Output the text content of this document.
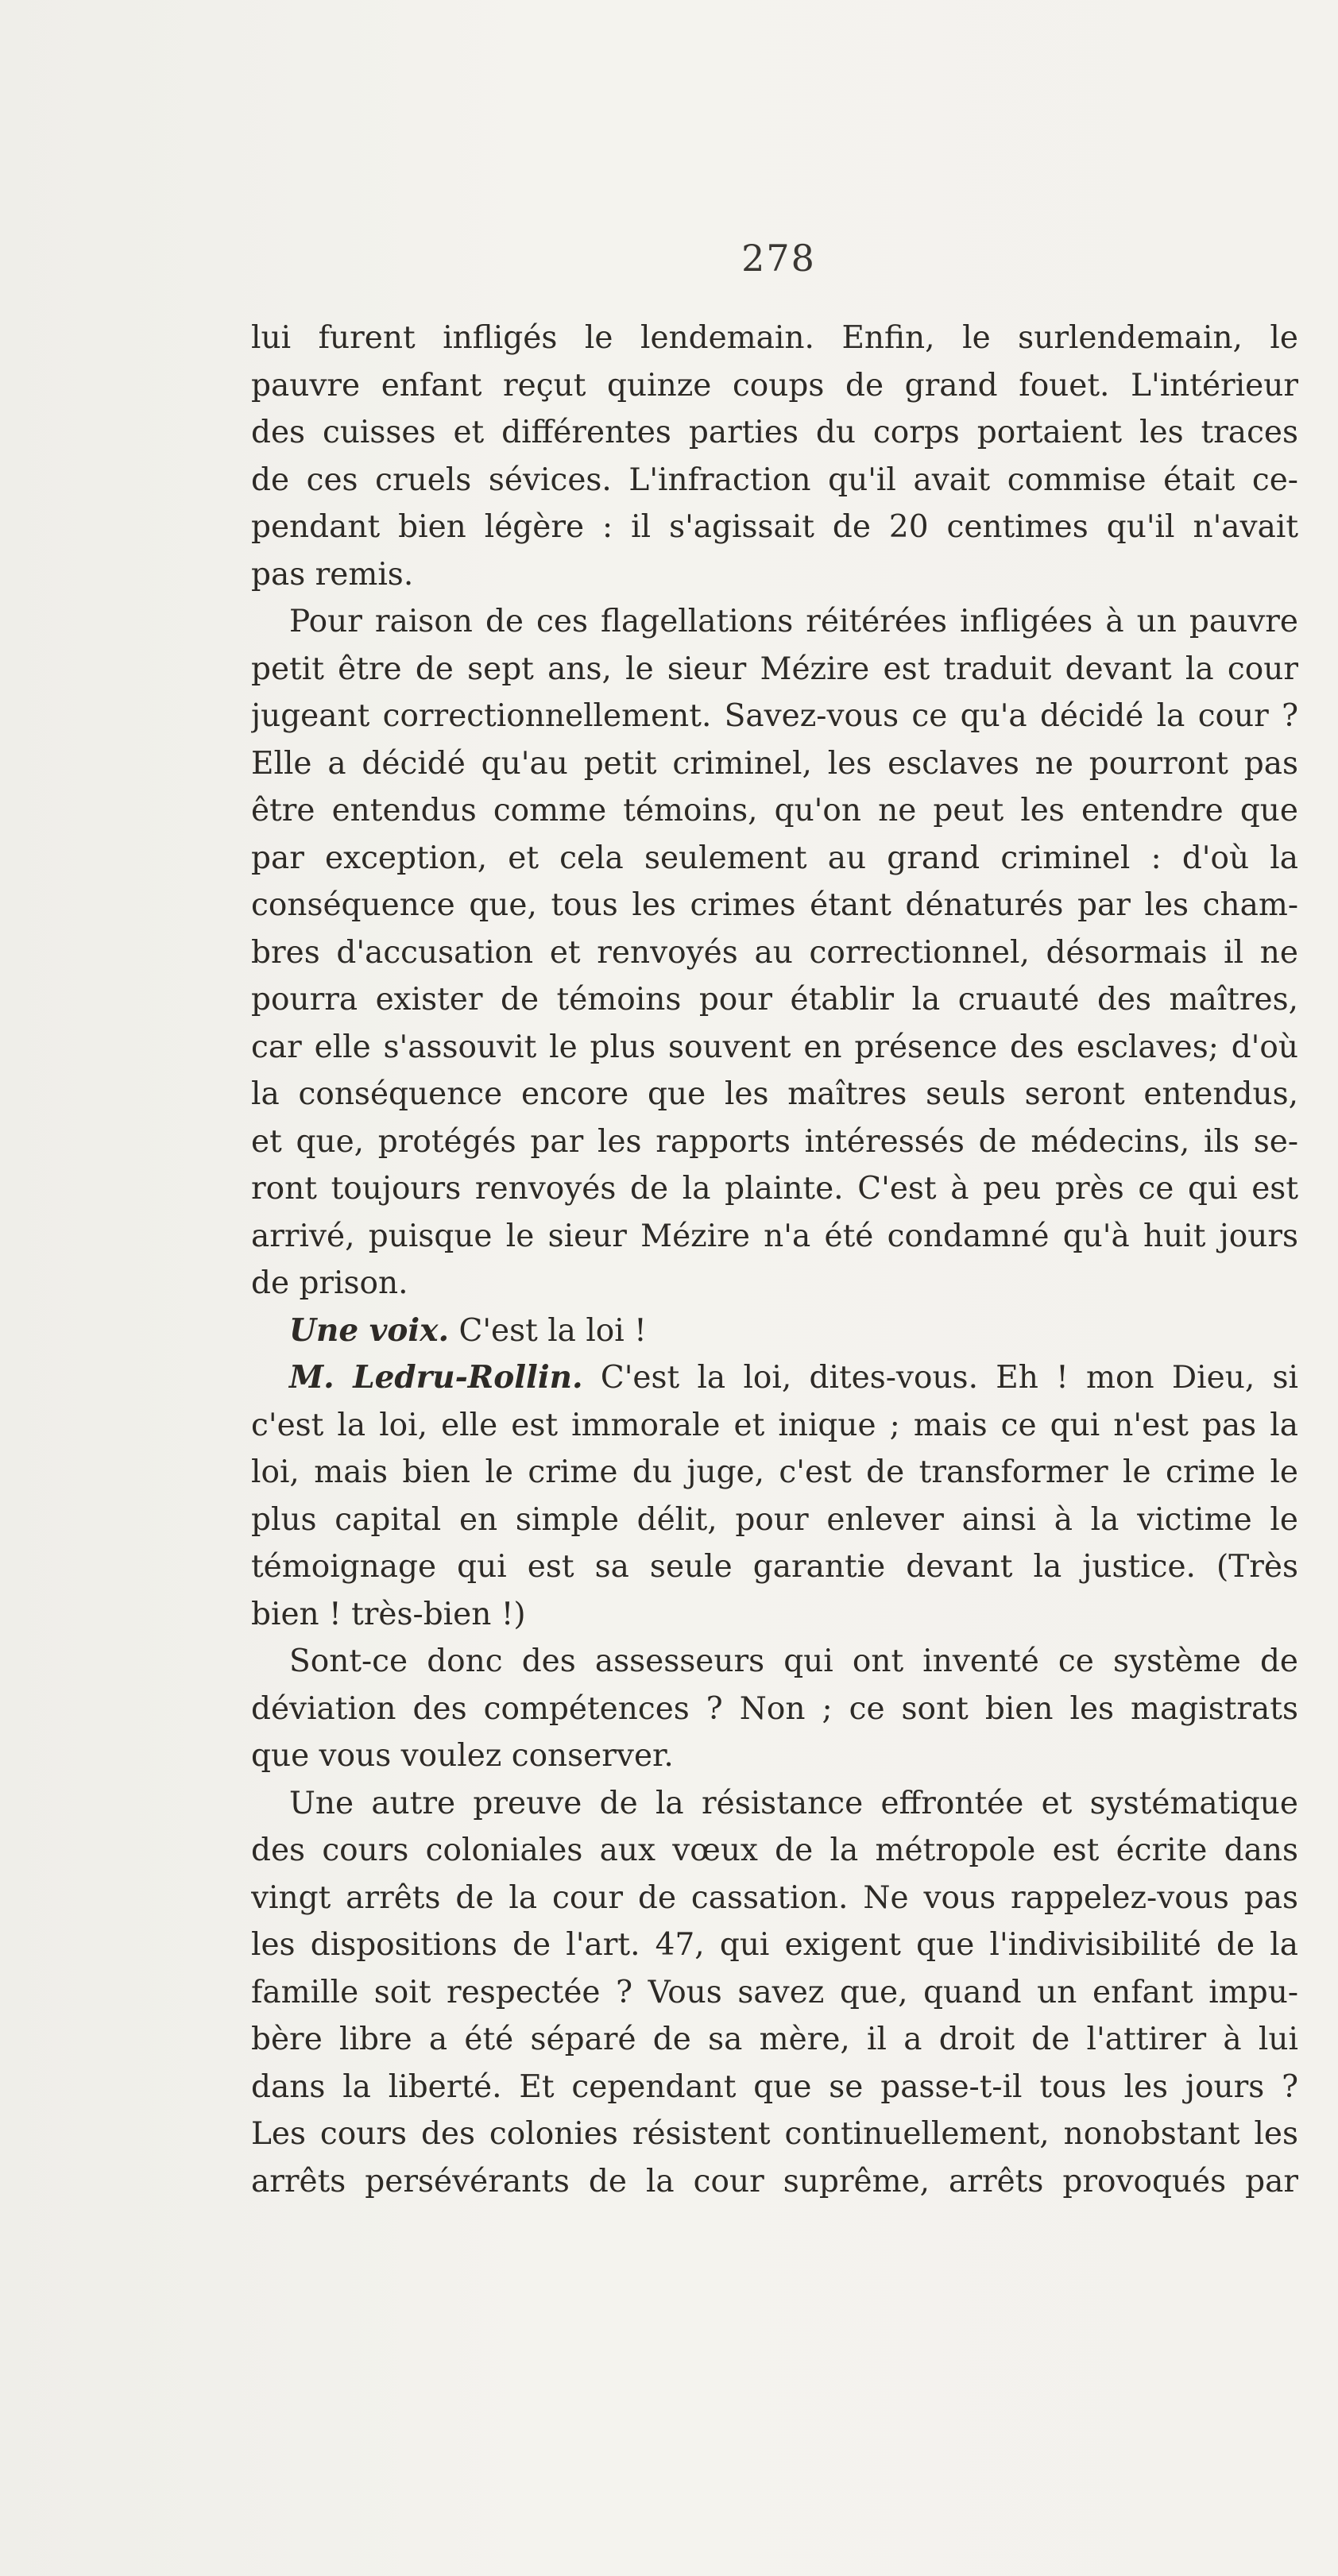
278
lui furent infligés le lendemain. Enfin, le surlendemain, le
pauvre enfant reçut quinze coups de grand fouet. L'intérieur
des cuisses et différentes parties du corps portaient les traces
de ces cruels sévices. L'infraction qu'il avait commise était ce-
pendant bien légère : il s'agissait de 20 centimes qu'il n'avait
pas remis.
Pour raison de ces flagellations réitérées infligées à un pauvre
petit être de sept ans, le sieur Mézire est traduit devant la cour
jugeant correctionnellement. Savez-vous ce qu'a décidé la cour ?
Elle a décidé qu'au petit criminel, les esclaves ne pourront pas
être entendus comme témoins, qu'on ne peut les entendre que
par exception, et cela seulement au grand criminel : d'où la
conséquence que, tous les crimes étant dénaturés par les cham-
bres d'accusation et renvoyés au correctionnel, désormais il ne
pourra exister de témoins pour établir la cruauté des maîtres,
car elle s'assouvit le plus souvent en présence des esclaves; d'où
la conséquence encore que les maîtres seuls seront entendus,
et que, protégés par les rapports intéressés de médecins, ils se-
ront toujours renvoyés de la plainte. C'est à peu près ce qui est
arrivé, puisque le sieur Mézire n'a été condamné qu'à huit jours
de prison.
Une voix. C'est la loi !
M. Ledru-Rollin. C'est la loi, dites-vous. Eh ! mon Dieu, si
c'est la loi, elle est immorale et inique ; mais ce qui n'est pas la
loi, mais bien le crime du juge, c'est de transformer le crime le
plus capital en simple délit, pour enlever ainsi à la victime le
témoignage qui est sa seule garantie devant la justice. (Très
bien ! très-bien !)
Sont-ce donc des assesseurs qui ont inventé ce système de
déviation des compétences ? Non ; ce sont bien les magistrats
que vous voulez conserver.
Une autre preuve de la résistance effrontée et systématique
des cours coloniales aux vœux de la métropole est écrite dans
vingt arrêts de la cour de cassation. Ne vous rappelez-vous pas
les dispositions de l'art. 47, qui exigent que l'indivisibilité de la
famille soit respectée ? Vous savez que, quand un enfant impu-
bère libre a été séparé de sa mère, il a droit de l'attirer à lui
dans la liberté. Et cependant que se passe-t-il tous les jours ?
Les cours des colonies résistent continuellement, nonobstant les
arrêts persévérants de la cour suprême, arrêts provoqués par
